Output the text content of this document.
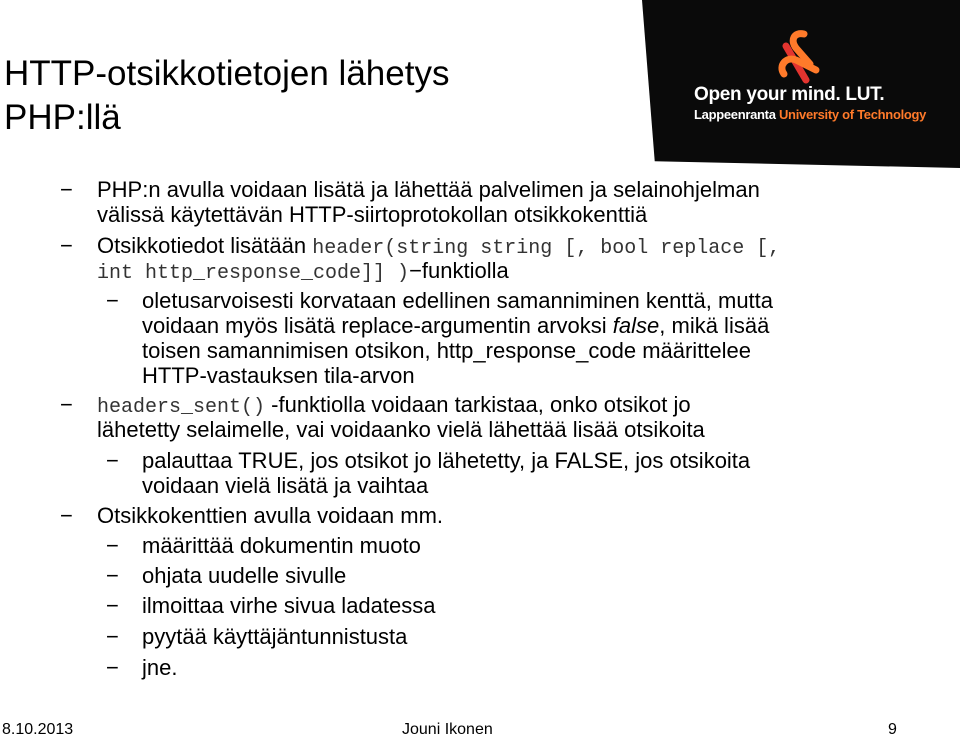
HTTP-otsikkotietojen lähetys
PHP:llä
Open your mind. LUT.
Lappeenranta University of Technology
− PHP:n avulla voidaan lisätä ja lähettää palvelimen ja selainohjelman
välissä käytettävän HTTP-siirtoprotokollan otsikkokenttiä
− Otsikkotiedot lisätään header(string string [, bool replace [,
int http_response_code]] )−funktiolla
− oletusarvoisesti korvataan edellinen samanniminen kenttä, mutta
voidaan myös lisätä replace-argumentin arvoksi false, mikä lisää
toisen samannimisen otsikon, http_response_code määrittelee
HTTP-vastauksen tila-arvon
− headers_sent() -funktiolla voidaan tarkistaa, onko otsikot jo
lähetetty selaimelle, vai voidaanko vielä lähettää lisää otsikoita
− palauttaa TRUE, jos otsikot jo lähetetty, ja FALSE, jos otsikoita
voidaan vielä lisätä ja vaihtaa
− Otsikkokenttien avulla voidaan mm.
− määrittää dokumentin muoto
− ohjata uudelle sivulle
− ilmoittaa virhe sivua ladatessa
− pyytää käyttäjäntunnistusta
− jne.
8.10.2013	Jouni Ikonen	9
